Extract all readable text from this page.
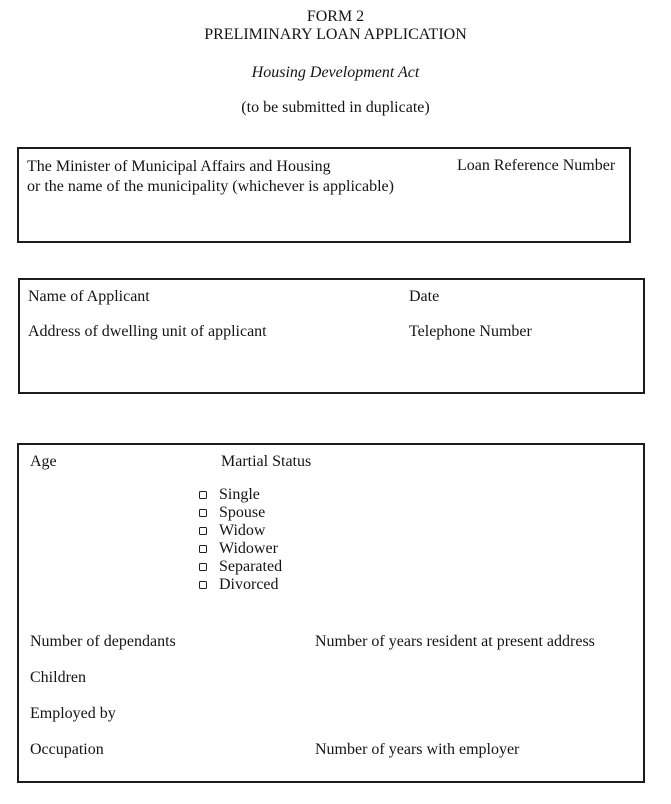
FORM 2
PRELIMINARY LOAN APPLICATION
Housing Development Act
(to be submitted in duplicate)
The Minister of Municipal Affairs and Housing
or the name of the municipality (whichever is applicable)
Loan Reference Number
Name of Applicant	Date
Address of dwelling unit of applicant	Telephone Number
Age	Martial Status
Single
Spouse
Widow
Widower
Separated
Divorced
Number of dependants	Number of years resident at present address
Children
Employed by
Occupation	Number of years with employer
